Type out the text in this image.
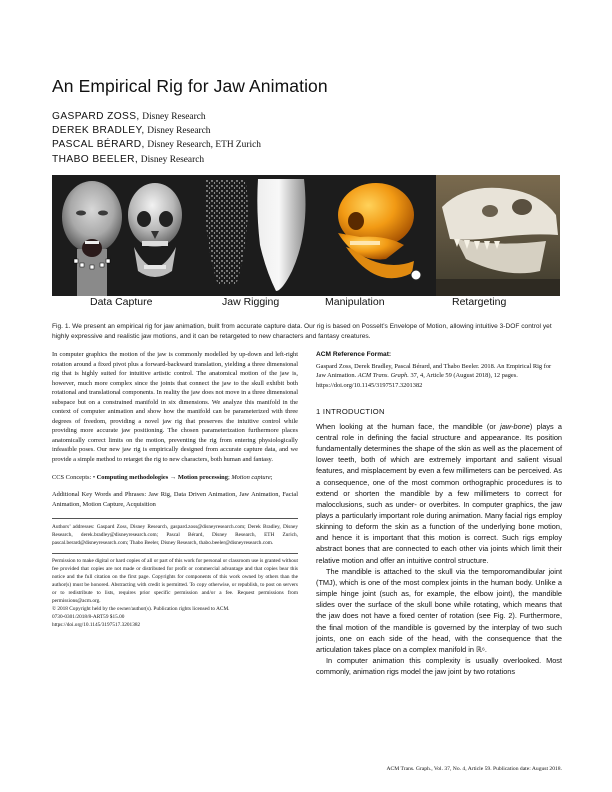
An Empirical Rig for Jaw Animation
GASPARD ZOSS, Disney Research
DEREK BRADLEY, Disney Research
PASCAL BÉRARD, Disney Research, ETH Zurich
THABO BEELER, Disney Research
Data Capture	Jaw Rigging	Manipulation	Retargeting
Fig. 1. We present an empirical rig for jaw animation, built from accurate capture data. Our rig is based on Posselt’s Envelope of Motion, allowing intuitive 3-DOF control yet highly expressive and realistic jaw motions, and it can be retargeted to new characters and fantasy creatures.

In computer graphics the motion of the jaw is commonly modelled by up-down and left-right rotation around a fixed pivot plus a forward-backward translation, yielding a three dimensional rig that is highly suited for intuitive artistic control. The anatomical motion of the jaw is, however, much more complex since the joints that connect the jaw to the skull exhibit both rotational and translational components. In reality the jaw does not move in a three dimensional subspace but on a constrained manifold in six dimensions. We analyze this manifold in the context of computer animation and show how the manifold can be parameterized with three degrees of freedom, providing a novel jaw rig that preserves the intuitive control while providing more accurate jaw positioning. The chosen parameterization furthermore places anatomically correct limits on the motion, preventing the rig from entering physiologically infeasible poses. Our new jaw rig is empirically designed from accurate capture data, and we provide a simple method to retarget the rig to new characters, both human and fantasy.

CCS Concepts: • Computing methodologies → Motion processing; Motion capture;

Additional Key Words and Phrases: Jaw Rig, Data Driven Animation, Jaw Animation, Facial Animation, Motion Capture, Acquisition

Authors’ addresses: Gaspard Zoss, Disney Research, gaspard.zoss@disneyresearch.com; Derek Bradley, Disney Research, derek.bradley@disneyresearch.com; Pascal Bérard, Disney Research, ETH Zurich, pascal.berard@disneyresearch.com; Thabo Beeler, Disney Research, thabo.beeler@disneyresearch.com.

Permission to make digital or hard copies of all or part of this work for personal or classroom use is granted without fee provided that copies are not made or distributed for profit or commercial advantage and that copies bear this notice and the full citation on the first page. Copyrights for components of this work owned by others than the author(s) must be honored. Abstracting with credit is permitted. To copy otherwise, or republish, to post on servers or to redistribute to lists, requires prior specific permission and/or a fee. Request permissions from permissions@acm.org.

© 2018 Copyright held by the owner/author(s). Publication rights licensed to ACM.

0730-0301/2018/8-ART59 $15.00

https://doi.org/10.1145/3197517.3201382

ACM Reference Format:

Gaspard Zoss, Derek Bradley, Pascal Bérard, and Thabo Beeler. 2018. An Empirical Rig for Jaw Animation. ACM Trans. Graph. 37, 4, Article 59 (August 2018), 12 pages. https://doi.org/10.1145/3197517.3201382

1 INTRODUCTION

When looking at the human face, the mandible (or jaw-bone) plays a central role in defining the facial structure and appearance. Its position fundamentally determines the shape of the skin as well as the placement of lower teeth, both of which are extremely important and salient visual features, and misplacement by even a few millimeters can be perceived. As a consequence, one of the most common orthographic procedures is to extend or shorten the mandible by a few millimeters to correct for malocclusions, such as under- or overbites. In computer graphics, the jaw plays a particularly important role during animation. Many facial rigs employ skinning to deform the skin as a function of the underlying bone motion, and hence it is important that this motion is correct. Such rigs employ abstract bones that are connected to each other via joints which limit their relative motion and offer an intuitive control structure.

The mandible is attached to the skull via the temporomandibular joint (TMJ), which is one of the most complex joints in the human body. Unlike a simple hinge joint (such as, for example, the elbow joint), the mandible slides over the surface of the skull bone while rotating, which means that the jaw does not have a fixed center of rotation (see Fig. 2). Furthermore, the final motion of the mandible is governed by the interplay of two such joints, one on each side of the head, with the consequence that the articulation takes place on a complex manifold in ℝ⁶.

In computer animation this complexity is usually overlooked. Most commonly, animation rigs model the jaw joint by two rotations

ACM Trans. Graph., Vol. 37, No. 4, Article 59. Publication date: August 2018.
